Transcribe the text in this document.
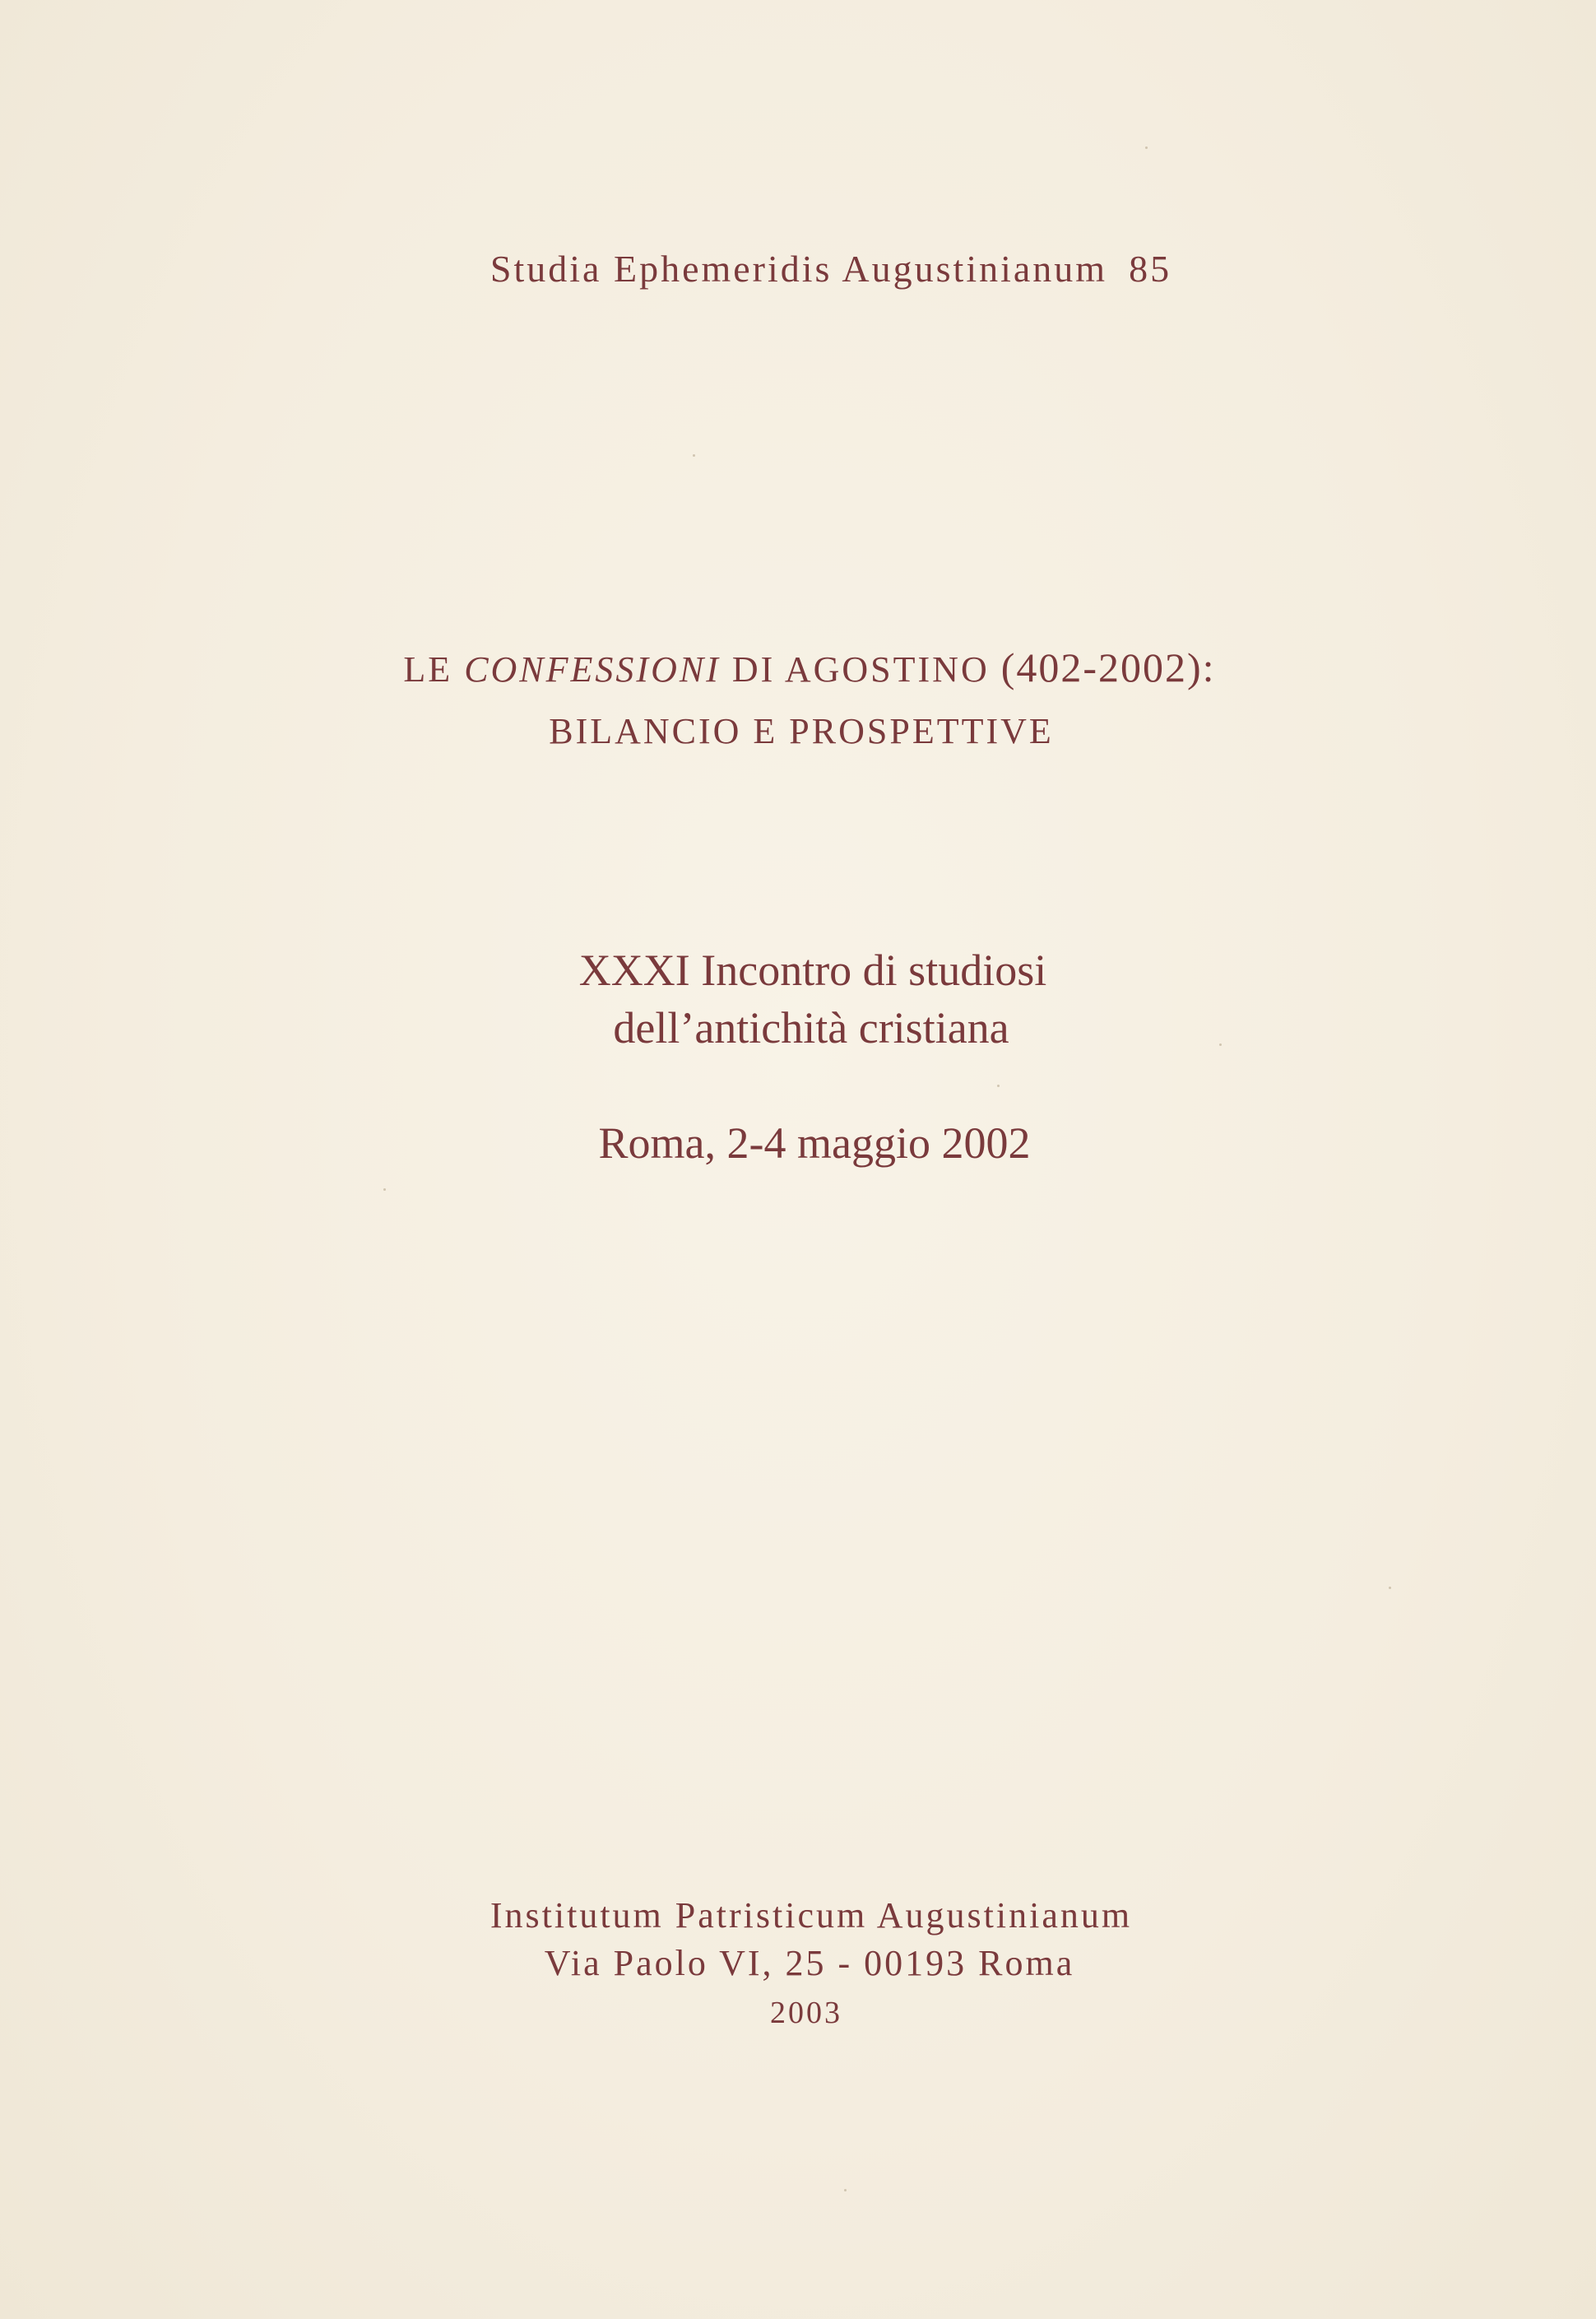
Studia Ephemeridis Augustinianum 85
LE CONFESSIONI DI AGOSTINO (402-2002):
BILANCIO E PROSPETTIVE
XXXI Incontro di studiosi
dell’antichità cristiana
Roma, 2-4 maggio 2002
Institutum Patristicum Augustinianum
Via Paolo VI, 25 - 00193 Roma
2003
